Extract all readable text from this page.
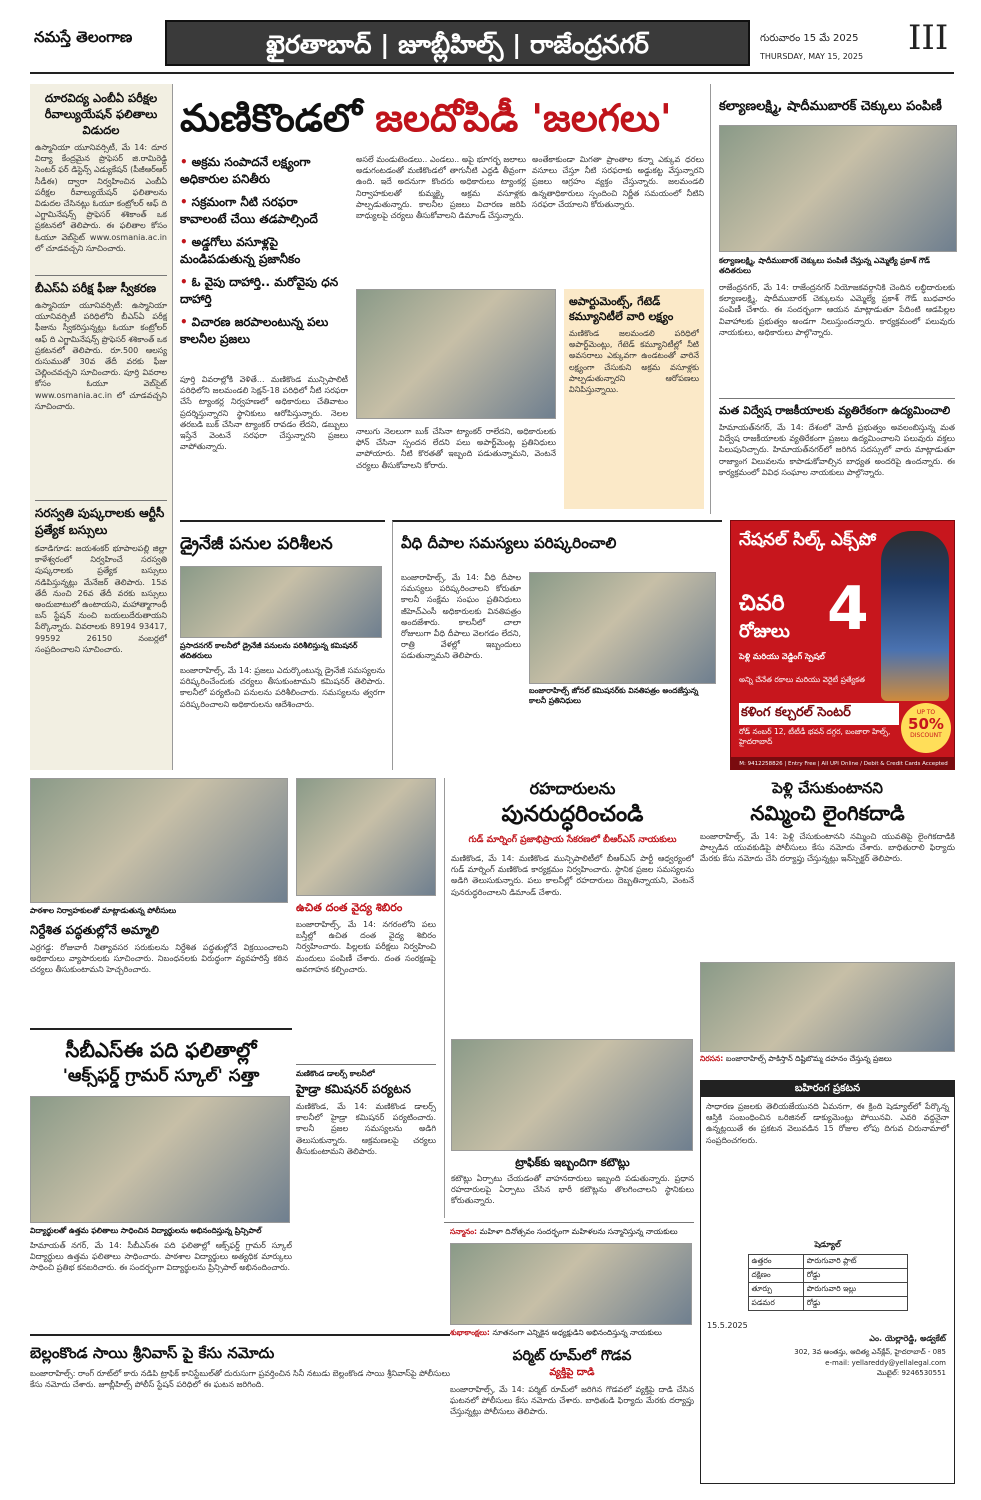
నమస్తే తెలంగాణ	ఖైరతాబాద్ | జూబ్లీహిల్స్ | రాజేంద్రనగర్	గురువారం 15 మే 2025
THURSDAY, MAY 15, 2025 III
దూరవిద్య ఎంబీఏ పరీక్షల రీవాల్యుయేషన్ ఫలితాలు విడుదల
ఉస్మానియా యూనివర్సిటీ, మే 14: దూర విద్యా కేంద్రమైన ప్రొఫెసర్ జి.రామిరెడ్డి సెంటర్ ఫర్ డిస్టెన్స్ ఎడ్యుకేషన్ (పీజీఆర్‌ఆర్ సీడీఈ) ద్వారా నిర్వహించిన ఎంబీఏ పరీక్షల రీవాల్యుయేషన్ ఫలితాలను విడుదల చేసినట్లు ఓయూ కంట్రోలర్ ఆఫ్ ది ఎగ్జామినేషన్స్ ప్రొఫెసర్ శశికాంత్ ఒక ప్రకటనలో తెలిపారు. ఈ ఫలితాల కోసం ఓయూ వెబ్‌సైట్ www.osmania.ac.in లో చూడవచ్చని సూచించారు.
బీఎస్‌ఏ పరీక్ష ఫీజు స్వీకరణ
ఉస్మానియా యూనివర్సిటీ: ఉస్మానియా యూనివర్సిటీ పరిధిలోని బీఎస్‌ఏ పరీక్ష ఫీజును స్వీకరిస్తున్నట్లు ఓయూ కంట్రోలర్ ఆఫ్ ది ఎగ్జామినేషన్స్ ప్రొఫెసర్ శశికాంత్ ఒక ప్రకటనలో తెలిపారు. రూ.500 ఆలస్య రుసుముతో 30వ తేదీ వరకు ఫీజు చెల్లించవచ్చని సూచించారు. పూర్తి వివరాల కోసం ఓయూ వెబ్‌సైట్ www.osmania.ac.in లో చూడవచ్చని సూచించారు.
సరస్వతి పుష్కరాలకు ఆర్టీసీ ప్రత్యేక బస్సులు
కవాడిగూడ: జయశంకర్ భూపాలపల్లి జిల్లా కాళేశ్వరంలో నిర్వహించే సరస్వతి పుష్కరాలకు ప్రత్యేక బస్సులు నడిపిస్తున్నట్లు మేనేజర్ తెలిపారు. 15వ తేదీ నుంచి 26వ తేదీ వరకు బస్సులు అందుబాటులో ఉంటాయని, మహాత్మాగాంధీ బస్ స్టేషన్ నుంచి బయలుదేరుతాయని పేర్కొన్నారు. వివరాలకు 89194 93417, 99592 26150 నంబర్లలో సంప్రదించాలని సూచించారు.
మణికొండలో జలదోపిడీ 'జలగలు'
• అక్రమ సంపాదనే లక్ష్యంగా అధికారుల పనితీరు
• సక్రమంగా నీటి సరఫరా కావాలంటే చేయి తడపాల్సిందే
• అడ్డగోలు వసూళ్లపై మండిపడుతున్న ప్రజానీకం
• ఓ వైపు దాహార్తి.. మరోవైపు ధన దాహార్తి
• విచారణ జరపాలంటున్న పలు కాలనీల ప్రజలు
పూర్తి వివరాల్లోకి వెళితే... మణికొండ మున్సిపాలిటీ పరిధిలోని జలమండలి సెక్షన్-18 పరిధిలో నీటి సరఫరా చేసే ట్యాంకర్ల నిర్వహణలో అధికారులు చేతివాటం ప్రదర్శిస్తున్నారని స్థానికులు ఆరోపిస్తున్నారు. నెలల తరబడి బుక్ చేసినా ట్యాంకర్ రావడం లేదని, డబ్బులు ఇస్తేనే వెంటనే సరఫరా చేస్తున్నారని ప్రజలు వాపోతున్నారు.
అసలే మండుటెండలు.. ఎండలు.. అపై భూగర్భ జలాలు అడుగంటడంతో మణికొండలో తాగునీటి ఎద్దడి తీవ్రంగా ఉంది. ఇదే అదనుగా కొందరు అధికారులు ట్యాంకర్ల నిర్వాహకులతో కుమ్మక్కై అక్రమ వసూళ్లకు పాల్పడుతున్నారు. కాలనీల ప్రజలు విచారణ జరిపి బాధ్యులపై చర్యలు తీసుకోవాలని డిమాండ్ చేస్తున్నారు.
అంతేకాకుండా మిగతా ప్రాంతాల కన్నా ఎక్కువ ధరలు వసూలు చేస్తూ నీటి సరఫరాకు అడ్డుకట్ట వేస్తున్నారని ప్రజలు ఆగ్రహం వ్యక్తం చేస్తున్నారు. జలమండలి ఉన్నతాధికారులు స్పందించి నిర్ణీత సమయంలో నీటిని సరఫరా చేయాలని కోరుతున్నారు.
అపార్టుమెంట్స్, గేటెడ్ కమ్యూనిటీలే వారి లక్ష్యం
మణికొండ జలమండలి పరిధిలో అపార్ట్‌మెంట్లు, గేటెడ్ కమ్యూనిటీల్లో నీటి అవసరాలు ఎక్కువగా ఉండటంతో వారినే లక్ష్యంగా చేసుకుని అక్రమ వసూళ్లకు పాల్పడుతున్నారని ఆరోపణలు వినిపిస్తున్నాయి.
నాలుగు నెలలుగా బుక్ చేసినా ట్యాంకర్ రాలేదని, అధికారులకు ఫోన్ చేసినా స్పందన లేదని పలు అపార్ట్‌మెంట్ల ప్రతినిధులు వాపోయారు. నీటి కొరతతో ఇబ్బంది పడుతున్నామని, వెంటనే చర్యలు తీసుకోవాలని కోరారు.
కల్యాణలక్ష్మి, షాదీముబారక్ చెక్కులు పంపిణీ
కల్యాణలక్ష్మి, షాదీముబారక్ చెక్కులు పంపిణీ చేస్తున్న ఎమ్మెల్యే ప్రకాశ్ గౌడ్ తదితరులు
రాజేంద్రనగర్, మే 14: రాజేంద్రనగర్ నియోజకవర్గానికి చెందిన లబ్ధిదారులకు కల్యాణలక్ష్మి, షాదీముబారక్ చెక్కులను ఎమ్మెల్యే ప్రకాశ్ గౌడ్ బుధవారం పంపిణీ చేశారు. ఈ సందర్భంగా ఆయన మాట్లాడుతూ పేదింటి ఆడపిల్లల వివాహాలకు ప్రభుత్వం అండగా నిలుస్తుందన్నారు. కార్యక్రమంలో పలువురు నాయకులు, అధికారులు పాల్గొన్నారు.
మత విద్వేష రాజకీయాలకు వ్యతిరేకంగా ఉద్యమించాలి
హిమాయత్‌నగర్, మే 14: దేశంలో మోదీ ప్రభుత్వం అవలంబిస్తున్న మత విద్వేష రాజకీయాలకు వ్యతిరేకంగా ప్రజలు ఉద్యమించాలని పలువురు వక్తలు పిలుపునిచ్చారు. హిమాయత్‌నగర్‌లో జరిగిన సదస్సులో వారు మాట్లాడుతూ రాజ్యాంగ విలువలను కాపాడుకోవాల్సిన బాధ్యత అందరిపై ఉందన్నారు. ఈ కార్యక్రమంలో వివిధ సంఘాల నాయకులు పాల్గొన్నారు.
డ్రైనేజీ పనుల పరిశీలన
ప్రసాదనగర్ కాలనీలో డ్రైనేజీ పనులను పరిశీలిస్తున్న కమిషనర్ తదితరులు
బంజారాహిల్స్, మే 14: ప్రజలు ఎదుర్కొంటున్న డ్రైనేజీ సమస్యలను పరిష్కరించేందుకు చర్యలు తీసుకుంటామని కమిషనర్ తెలిపారు. కాలనీలో పర్యటించి పనులను పరిశీలించారు. సమస్యలను త్వరగా పరిష్కరించాలని అధికారులను ఆదేశించారు.
వీధి దీపాల సమస్యలు పరిష్కరించాలి
బంజారాహిల్స్, మే 14: వీధి దీపాల సమస్యలు పరిష్కరించాలని కోరుతూ కాలనీ సంక్షేమ సంఘం ప్రతినిధులు జీహెచ్‌ఎంసీ అధికారులకు వినతిపత్రం అందజేశారు. కాలనీలో చాలా రోజులుగా వీధి దీపాలు వెలగడం లేదని, రాత్రి వేళల్లో ఇబ్బందులు పడుతున్నామని తెలిపారు.
బంజారాహిల్స్ జోనల్ కమిషనర్‌కు వినతిపత్రం అందజేస్తున్న కాలనీ ప్రతినిధులు
నేషనల్ సిల్క్ ఎక్స్‌పో
చివరి
రోజులు 4
పెళ్లి మరియు వెడ్డింగ్ స్పెషల్
అన్ని చేనేత రకాలు మరియు వెరైటీ ప్రత్యేకత
UP TO
50%
DISCOUNT
కళింగ కల్చరల్ సెంటర్
రోడ్ నంబర్ 12, టీటీడీ భవన్ దగ్గర, బంజారా హిల్స్, హైదరాబాద్
M: 9412258826 | Entry Free | All UPI Online / Debit & Credit Cards Accepted
పాఠశాల నిర్వాహకులతో మాట్లాడుతున్న పోలీసులు
నిర్దేశిత పద్ధతుల్లోనే అమ్మాలి
ఎర్రగడ్డ: రోజువారీ నిత్యావసర సరుకులను నిర్దేశిత పద్ధతుల్లోనే విక్రయించాలని అధికారులు వ్యాపారులకు సూచించారు. నిబంధనలకు విరుద్ధంగా వ్యవహరిస్తే కఠిన చర్యలు తీసుకుంటామని హెచ్చరించారు.
సీబీఎస్‌ఈ పది ఫలితాల్లో
'ఆక్స్‌ఫర్డ్ గ్రామర్ స్కూల్' సత్తా
విద్యార్థులతో ఉత్తమ ఫలితాలు సాధించిన విద్యార్థులను అభినందిస్తున్న ప్రిన్సిపాల్
హిమాయత్ నగర్, మే 14: సీబీఎస్‌ఈ పది ఫలితాల్లో ఆక్స్‌ఫర్డ్ గ్రామర్ స్కూల్ విద్యార్థులు ఉత్తమ ఫలితాలు సాధించారు. పాఠశాల విద్యార్థులు అత్యధిక మార్కులు సాధించి ప్రతిభ కనబరిచారు. ఈ సందర్భంగా విద్యార్థులను ప్రిన్సిపాల్ అభినందించారు.
బెల్లంకొండ సాయి శ్రీనివాస్ పై కేసు నమోదు
బంజారాహిల్స్: రాంగ్ రూట్‌లో కారు నడిపి ట్రాఫిక్ కానిస్టేబుల్‌తో దురుసుగా ప్రవర్తించిన సినీ నటుడు బెల్లంకొండ సాయి శ్రీనివాస్‌పై పోలీసులు కేసు నమోదు చేశారు. జూబ్లీహిల్స్ పోలీస్ స్టేషన్ పరిధిలో ఈ ఘటన జరిగింది.
ఉచిత దంత వైద్య శిబిరం
బంజారాహిల్స్, మే 14: నగరంలోని పలు బస్తీల్లో ఉచిత దంత వైద్య శిబిరం నిర్వహించారు. పిల్లలకు పరీక్షలు నిర్వహించి మందులు పంపిణీ చేశారు. దంత సంరక్షణపై అవగాహన కల్పించారు.
మణికొండ డాలర్స్ కాలనీలో
హైడ్రా కమిషనర్ పర్యటన
మణికొండ, మే 14: మణికొండ డాలర్స్ కాలనీలో హైడ్రా కమిషనర్ పర్యటించారు. కాలనీ ప్రజల సమస్యలను అడిగి తెలుసుకున్నారు. ఆక్రమణలపై చర్యలు తీసుకుంటామని తెలిపారు.
రహదారులను
పునరుద్ధరించండి
గుడ్ మార్నింగ్ ప్రజాభిప్రాయ సేకరణలో బీఆర్‌ఎస్ నాయకులు
మణికొండ, మే 14: మణికొండ మున్సిపాలిటీలో బీఆర్‌ఎస్ పార్టీ ఆధ్వర్యంలో గుడ్ మార్నింగ్ మణికొండ కార్యక్రమం నిర్వహించారు. స్థానిక ప్రజల సమస్యలను అడిగి తెలుసుకున్నారు. పలు కాలనీల్లో రహదారులు దెబ్బతిన్నాయని, వెంటనే పునరుద్ధరించాలని డిమాండ్ చేశారు.
ట్రాఫిక్‌కు ఇబ్బందిగా కటౌట్లు
కటౌట్లు ఏర్పాటు చేయడంతో వాహనదారులు ఇబ్బంది పడుతున్నారు. ప్రధాన రహదారులపై ఏర్పాటు చేసిన భారీ కటౌట్లను తొలగించాలని స్థానికులు కోరుతున్నారు.
పెళ్లి చేసుకుంటానని
నమ్మించి లైంగికదాడి
బంజారాహిల్స్, మే 14: పెళ్లి చేసుకుంటానని నమ్మించి యువతిపై లైంగికదాడికి పాల్పడిన యువకుడిపై పోలీసులు కేసు నమోదు చేశారు. బాధితురాలి ఫిర్యాదు మేరకు కేసు నమోదు చేసి దర్యాప్తు చేస్తున్నట్లు ఇన్‌స్పెక్టర్ తెలిపారు.
నిరసన: బంజారాహిల్స్ పాకిస్తాన్ దిష్టిబొమ్మ దహనం చేస్తున్న ప్రజలు
సన్మానం: మహిళా దినోత్సవం సందర్భంగా మహిళలను సన్మానిస్తున్న నాయకులు
శుభాకాంక్షలు: నూతనంగా ఎన్నికైన అధ్యక్షుడిని అభినందిస్తున్న నాయకులు
పర్మిట్ రూమ్‌లో గొడవ
వ్యక్తిపై దాడి
బంజారాహిల్స్, మే 14: పర్మిట్ రూమ్‌లో జరిగిన గొడవలో వ్యక్తిపై దాడి చేసిన ఘటనలో పోలీసులు కేసు నమోదు చేశారు. బాధితుడి ఫిర్యాదు మేరకు దర్యాప్తు చేస్తున్నట్లు పోలీసులు తెలిపారు.
బహిరంగ ప్రకటన
సాధారణ ప్రజలకు తెలియజేయునది ఏమనగా, ఈ క్రింది షెడ్యూల్‌లో పేర్కొన్న ఆస్తికి సంబంధించిన ఒరిజినల్ డాక్యుమెంట్లు పోయినవి. ఎవరి వద్దనైనా ఉన్నట్లయితే ఈ ప్రకటన వెలువడిన 15 రోజుల లోపు దిగువ చిరునామాలో సంప్రదించగలరు.
షెడ్యూల్
ఉత్తరం	పొరుగువారి ప్లాట్
దక్షిణం	రోడ్డు
తూర్పు	పొరుగువారి ఇల్లు
పడమర	రోడ్డు
15.5.2025
ఎం. యెల్లారెడ్డి, అడ్వకేట్
302, 3వ అంతస్తు, ఆదిత్య ఎన్‌క్లేవ్, హైదరాబాద్ - 085
e-mail: yellareddy@yellalegal.com
మొబైల్: 9246530551
